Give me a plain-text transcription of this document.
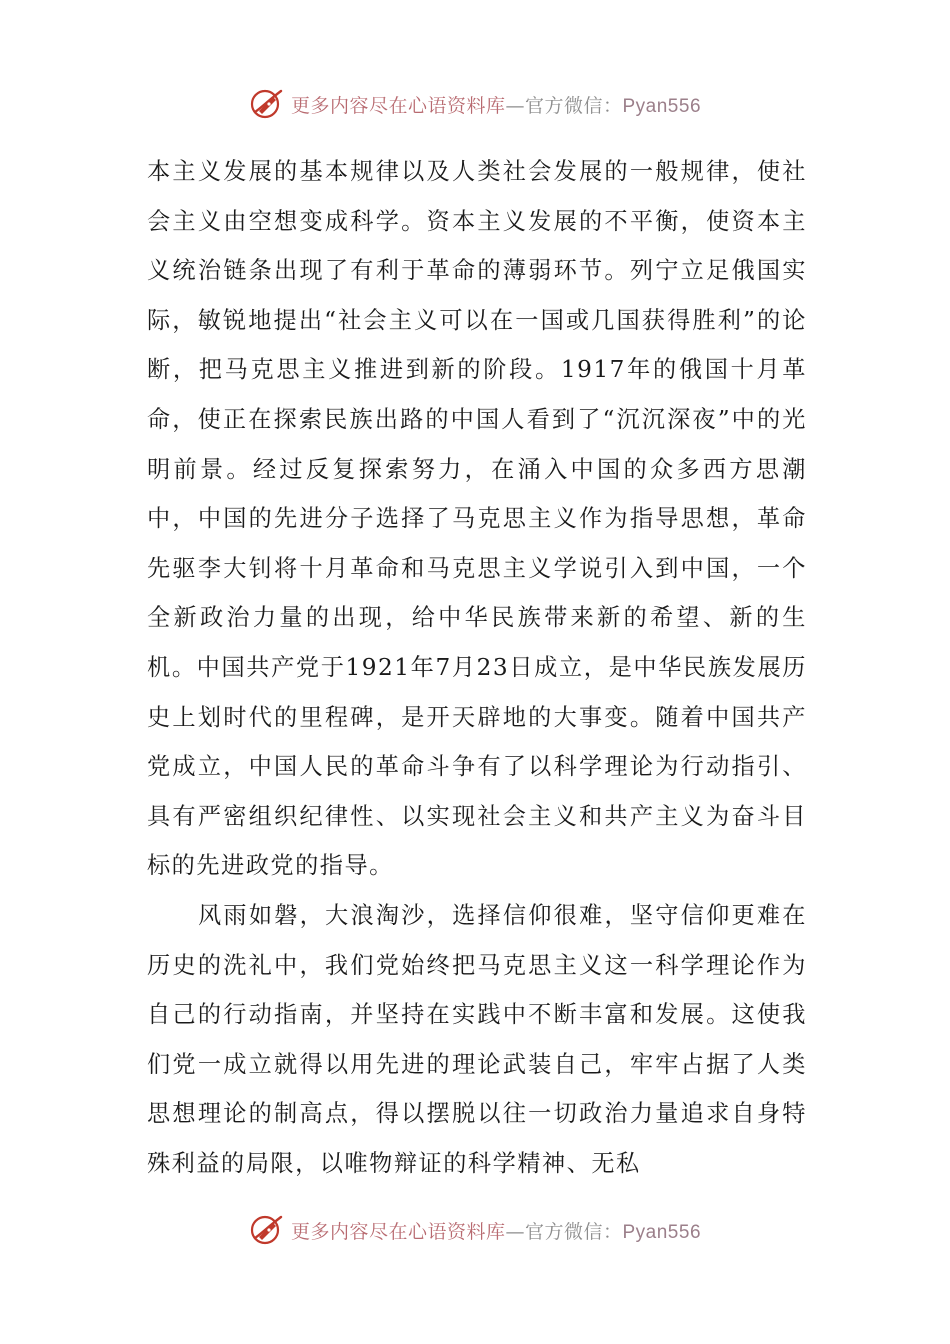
更多内容尽在心语资料库—官方微信：Pyan556

本主义发展的基本规律以及人类社会发展的一般规律，使社会主义由空想变成科学。资本主义发展的不平衡，使资本主义统治链条出现了有利于革命的薄弱环节。列宁立足俄国实际，敏锐地提出“社会主义可以在一国或几国获得胜利”的论断，把马克思主义推进到新的阶段。1917年的俄国十月革命，使正在探索民族出路的中国人看到了“沉沉深夜”中的光明前景。经过反复探索努力，在涌入中国的众多西方思潮中，中国的先进分子选择了马克思主义作为指导思想，革命先驱李大钊将十月革命和马克思主义学说引入到中国，一个全新政治力量的出现，给中华民族带来新的希望、新的生机。中国共产党于1921年7月23日成立，是中华民族发展历史上划时代的里程碑，是开天辟地的大事变。随着中国共产党成立，中国人民的革命斗争有了以科学理论为行动指引、具有严密组织纪律性、以实现社会主义和共产主义为奋斗目标的先进政党的指导。

风雨如磐，大浪淘沙，选择信仰很难，坚守信仰更难在历史的洗礼中，我们党始终把马克思主义这一科学理论作为自己的行动指南，并坚持在实践中不断丰富和发展。这使我们党一成立就得以用先进的理论武装自己，牢牢占据了人类思想理论的制高点，得以摆脱以往一切政治力量追求自身特殊利益的局限，以唯物辩证的科学精神、无私

更多内容尽在心语资料库—官方微信：Pyan556
